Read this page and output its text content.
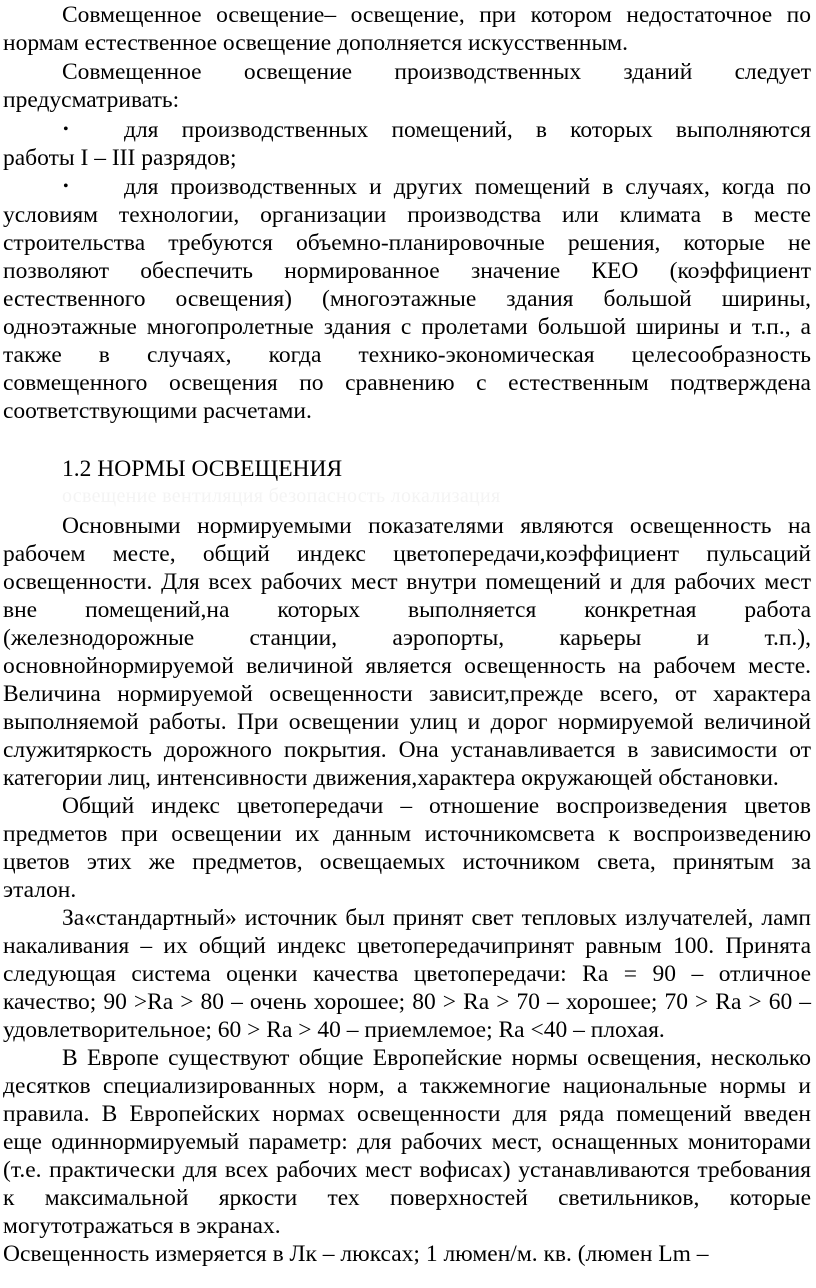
Совмещенное освещение– освещение, при котором недостаточное по
нормам естественное освещение дополняется искусственным.
Совмещенное освещение производственных зданий следует
предусматривать:
• для производственных помещений, в которых выполняются
работы I – III разрядов;
• для производственных и других помещений в случаях, когда по
условиям технологии, организации производства или климата в месте
строительства требуются объемно-планировочные решения, которые не
позволяют обеспечить нормированное значение КЕО (коэффициент
естественного освещения) (многоэтажные здания большой ширины,
одноэтажные многопролетные здания с пролетами большой ширины и т.п., а
также в случаях, когда технико-экономическая целесообразность
совмещенного освещения по сравнению с естественным подтверждена
соответствующими расчетами.
1.2 НОРМЫ ОСВЕЩЕНИЯ
освещение вентиляция безопасность локализация
Основными нормируемыми показателями являются освещенность на
рабочем месте, общий индекс цветопередачи,коэффициент пульсаций
освещенности. Для всех рабочих мест внутри помещений и для рабочих мест
вне помещений,на которых выполняется конкретная работа
(железнодорожные станции, аэропорты, карьеры и т.п.),
основнойнормируемой величиной является освещенность на рабочем месте.
Величина нормируемой освещенности зависит,прежде всего, от характера
выполняемой работы. При освещении улиц и дорог нормируемой величиной
служитяркость дорожного покрытия. Она устанавливается в зависимости от
категории лиц, интенсивности движения,характера окружающей обстановки.
Общий индекс цветопередачи – отношение воспроизведения цветов
предметов при освещении их данным источникомсвета к воспроизведению
цветов этих же предметов, освещаемых источником света, принятым за
эталон.
За«стандартный» источник был принят свет тепловых излучателей, ламп
накаливания – их общий индекс цветопередачипринят равным 100. Принята
следующая система оценки качества цветопередачи: Ra = 90 – отличное
качество; 90 >Ra > 80 – очень хорошее; 80 > Ra > 70 – хорошее; 70 > Ra > 60 –
удовлетворительное; 60 > Ra > 40 – приемлемое; Ra <40 – плохая.
В Европе существуют общие Европейские нормы освещения, несколько
десятков специализированных норм, а такжемногие национальные нормы и
правила. В Европейских нормах освещенности для ряда помещений введен
еще одиннормируемый параметр: для рабочих мест, оснащенных мониторами
(т.е. практически для всех рабочих мест вофисах) устанавливаются требования
к максимальной яркости тех поверхностей светильников, которые
могутотражаться в экранах.
Освещенность измеряется в Лк – люксах; 1 люмен/м. кв. (люмен Lm –
